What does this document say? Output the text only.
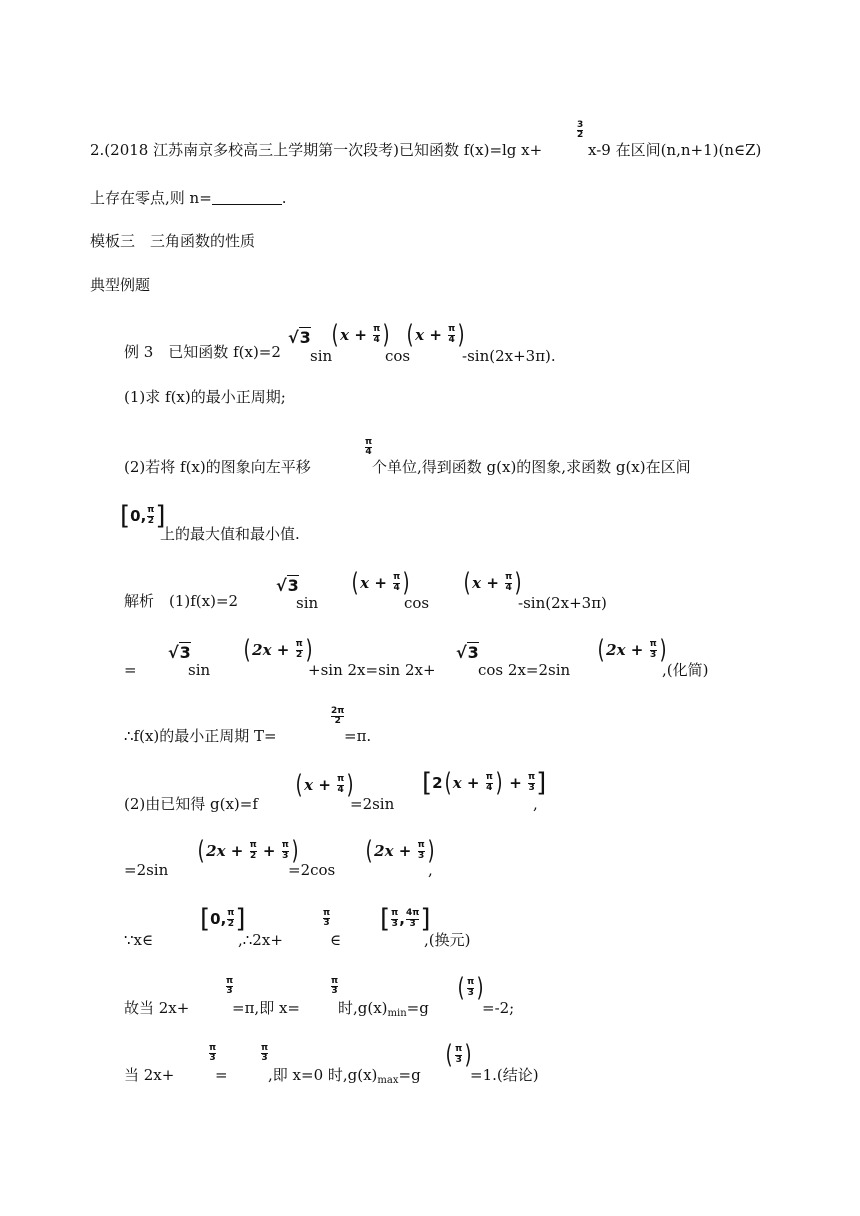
2.(2018 江苏南京多校高三上学期第一次段考)已知函数 f(x)=lg x+
3
2
x-9 在区间(n,n+1)(n∈Z)
上存在零点,则 n=	.
模板三　三角函数的性质
典型例题
例 3　已知函数 f(x)=2
√3
sin
( $x + \frac{\pi}{4}$ )
cos
( $x + \frac{\pi}{4}$ )
-sin(2x+3π).
(1)求 f(x)的最小正周期;
(2)若将 f(x)的图象向左平移
π
4
个单位,得到函数 g(x)的图象,求函数 g(x)在区间
[ 0 , $\frac{\pi}{2}$ ]
上的最大值和最小值.
解析　(1)f(x)=2
√3
sin
( $x + \frac{\pi}{4}$ )
cos
( $x + \frac{\pi}{4}$ )
-sin(2x+3π)
=
√3
sin
( $2x + \frac{\pi}{2}$ )
+sin 2x=sin 2x+
√3
cos 2x=2sin
( $2x + \frac{\pi}{3}$ )
,(化简)
∴f(x)的最小正周期 T=
2π
2
=π.
(2)由已知得 g(x)=f
( $x + \frac{\pi}{4}$ )
=2sin
[ 2 ( $x + \frac{\pi}{4}$ ) + $\frac{\pi}{3}$ ]
,
=2sin
( $2x + \frac{\pi}{2} + \frac{\pi}{3}$ )
=2cos
( $2x + \frac{\pi}{3}$ )
,
∵x∈
[ 0 , $\frac{\pi}{2}$ ]
,∴2x+
π
3
∈
[ $\frac{\pi}{3}$ , $\frac{4\pi}{3}$ ]
,(换元)
故当 2x+
π
3
=π,即 x=
π
3
时$,g(x)_{min}=g$
( $\frac{\pi}{3}$ )
=-2;
当 2x+
π
3
=
π
3
,即 x=0 时$,g(x)_{max}=g$
( $\frac{\pi}{3}$ )
=1.(结论)
